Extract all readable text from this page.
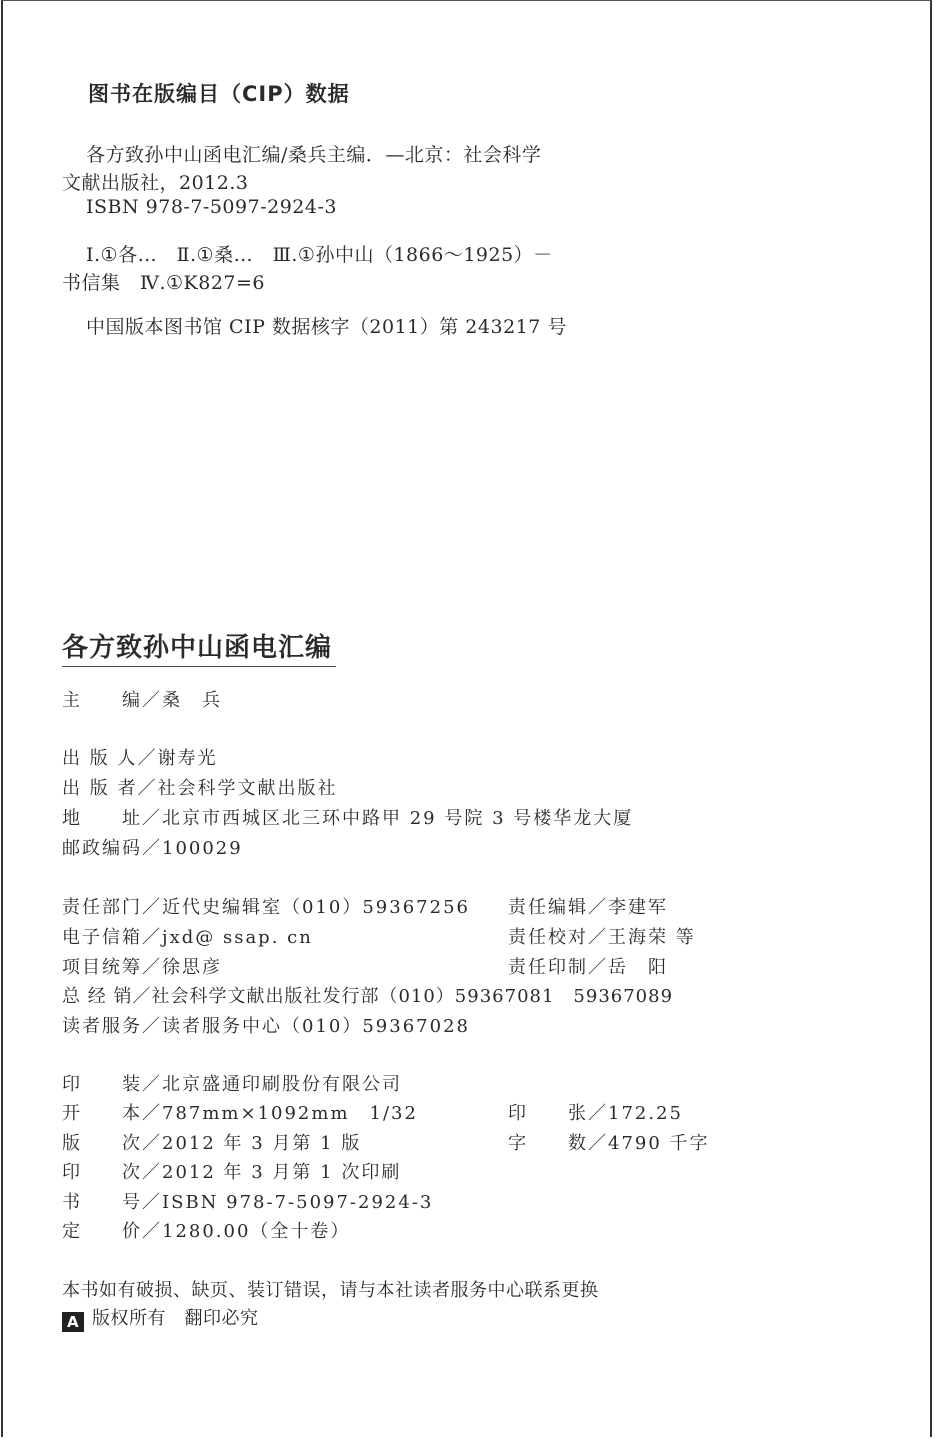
图书在版编目（CIP）数据
各方致孙中山函电汇编/桑兵主编．—北京：社会科学
文献出版社，2012.3
ISBN 978-7-5097-2924-3
Ⅰ.①各…　Ⅱ.①桑…　Ⅲ.①孙中山（1866～1925）－
书信集　Ⅳ.①K827=6
中国版本图书馆 CIP 数据核字（2011）第 243217 号
各方致孙中山函电汇编
主　　编／桑　兵
出 版 人／谢寿光
出 版 者／社会科学文献出版社
地　　址／北京市西城区北三环中路甲 29 号院 3 号楼华龙大厦
邮政编码／100029
责任部门／近代史编辑室（010）59367256
电子信箱／jxd@ ssap. cn
项目统筹／徐思彦
总 经 销／社会科学文献出版社发行部（010）59367081　59367089
读者服务／读者服务中心（010）59367028
责任编辑／李建军
责任校对／王海荣 等
责任印制／岳　阳
印　　装／北京盛通印刷股份有限公司
开　　本／787mm×1092mm　1/32
版　　次／2012 年 3 月第 1 版
印　　次／2012 年 3 月第 1 次印刷
书　　号／ISBN 978-7-5097-2924-3
定　　价／1280.00（全十卷）
印　　张／172.25
字　　数／4790 千字
本书如有破损、缺页、装订错误，请与本社读者服务中心联系更换
A 版权所有　翻印必究
